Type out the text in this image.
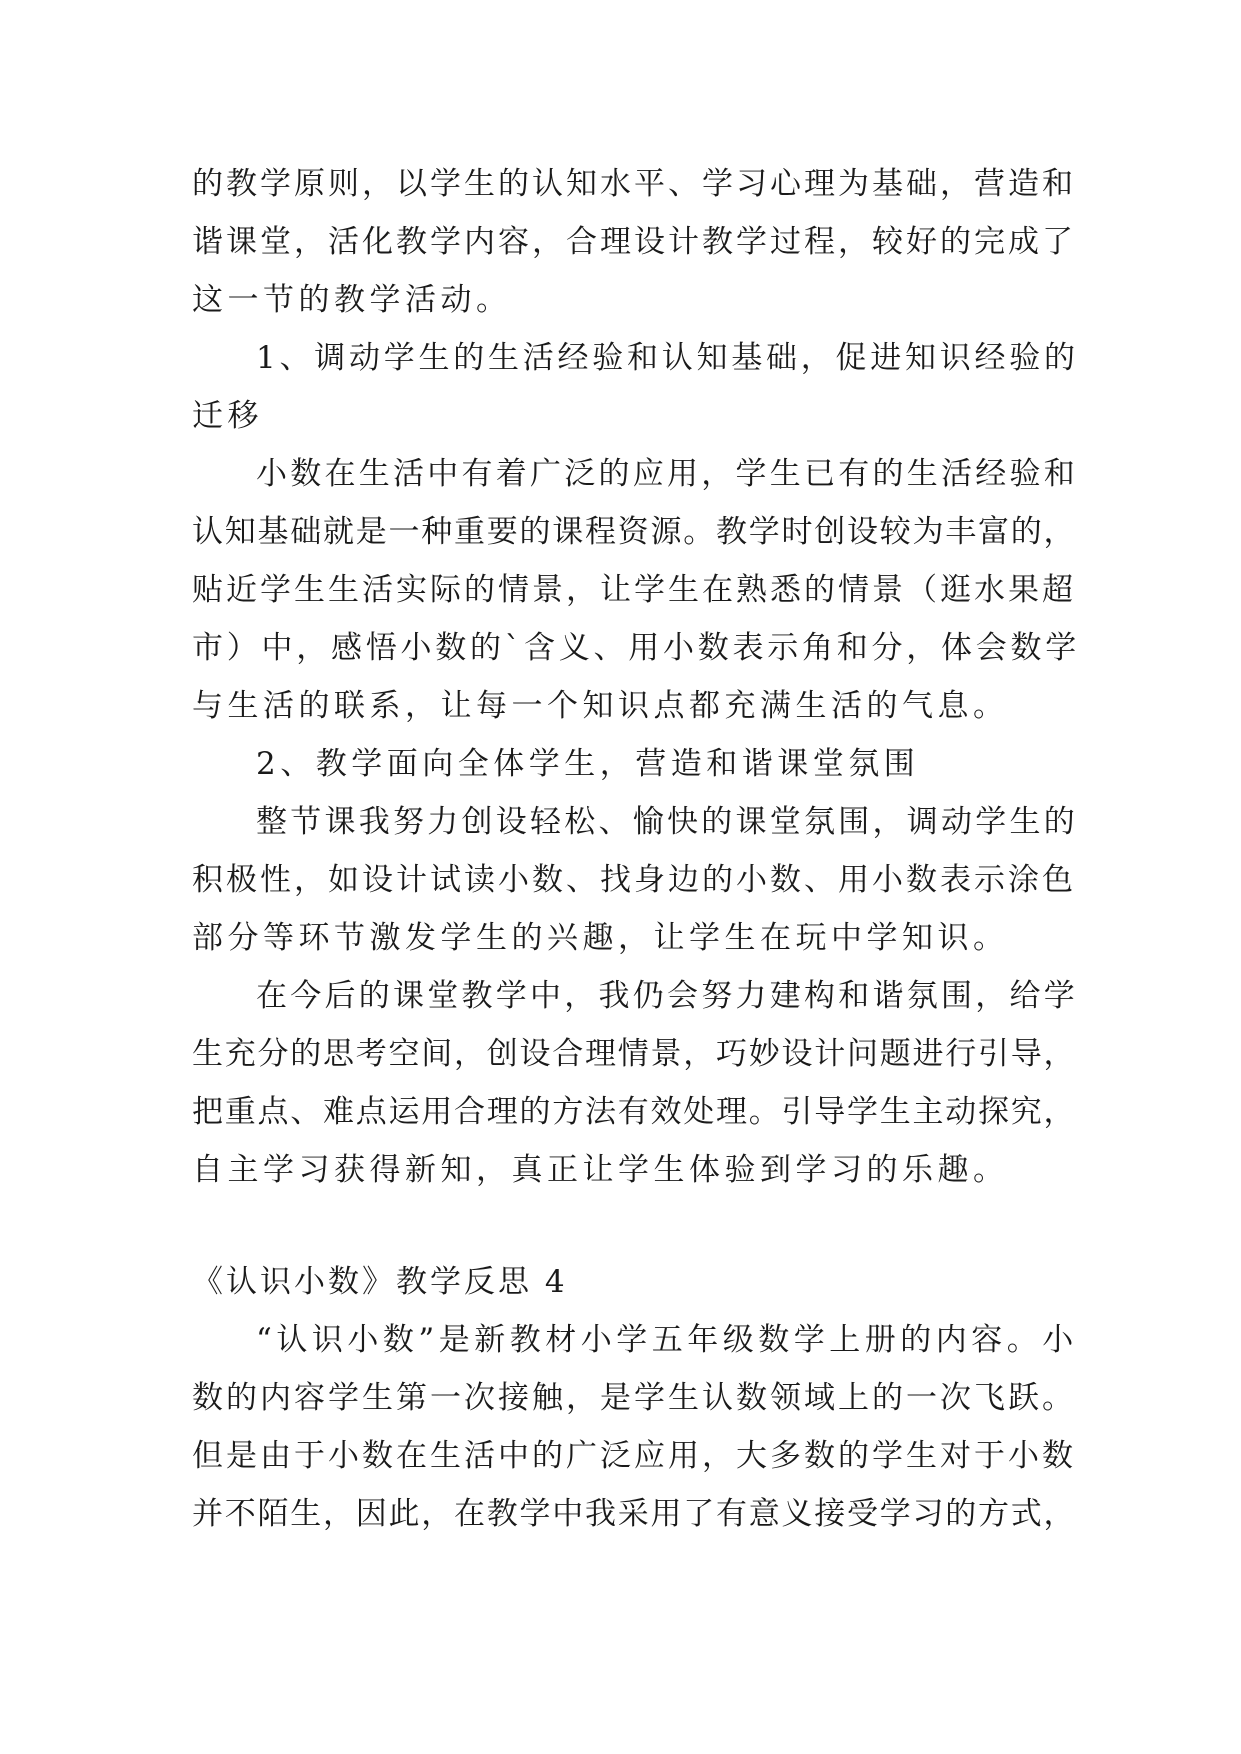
的教学原则，以学生的认知水平、学习心理为基础，营造和
谐课堂，活化教学内容，合理设计教学过程，较好的完成了
这一节的教学活动。
1、调动学生的生活经验和认知基础，促进知识经验的
迁移
小数在生活中有着广泛的应用，学生已有的生活经验和
认知基础就是一种重要的课程资源。教学时创设较为丰富的，
贴近学生生活实际的情景，让学生在熟悉的情景（逛水果超
市）中，感悟小数的`含义、用小数表示角和分，体会数学
与生活的联系，让每一个知识点都充满生活的气息。
2、教学面向全体学生，营造和谐课堂氛围
整节课我努力创设轻松、愉快的课堂氛围，调动学生的
积极性，如设计试读小数、找身边的小数、用小数表示涂色
部分等环节激发学生的兴趣，让学生在玩中学知识。
在今后的课堂教学中，我仍会努力建构和谐氛围，给学
生充分的思考空间，创设合理情景，巧妙设计问题进行引导，
把重点、难点运用合理的方法有效处理。引导学生主动探究，
自主学习获得新知，真正让学生体验到学习的乐趣。
《认识小数》教学反思 4
“认识小数”是新教材小学五年级数学上册的内容。小
数的内容学生第一次接触，是学生认数领域上的一次飞跃。
但是由于小数在生活中的广泛应用，大多数的学生对于小数
并不陌生，因此，在教学中我采用了有意义接受学习的方式，
